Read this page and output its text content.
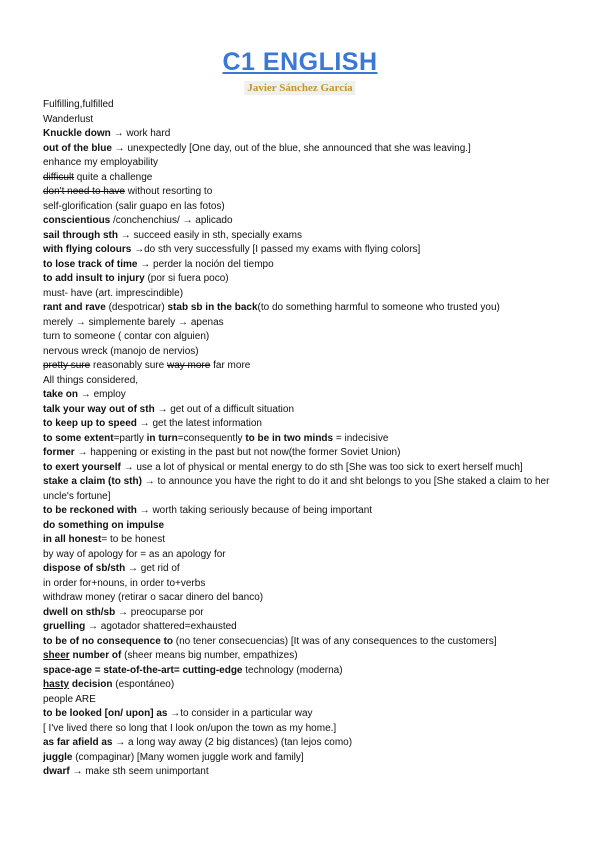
C1 ENGLISH
Javier Sánchez García
Fulfilling,fulfilled
Wanderlust
Knuckle down → work hard
out of the blue → unexpectedly [One day, out of the blue, she announced that she was leaving.]
enhance my employability
difficult quite a challenge
don't need to have without resorting to
self-glorification (salir guapo en las fotos)
conscientious /conchenchius/ → aplicado
sail through sth → succeed easily in sth, specially exams
with flying colours →do sth very successfully [I passed my exams with flying colors]
to lose track of time → perder la noción del tiempo
to add insult to injury (por si fuera poco)
must- have (art. imprescindible)
rant and rave (despotricar) stab sb in the back(to do something harmful to someone who trusted you)
merely → simplemente barely → apenas
turn to someone ( contar con alguien)
nervous wreck (manojo de nervios)
pretty sure reasonably sure way more far more
All things considered,
take on → employ
talk your way out of sth → get out of a difficult situation
to keep up to speed → get the latest information
to some extent=partly in turn=consequently to be in two minds = indecisive
former → happening or existing in the past but not now(the former Soviet Union)
to exert yourself → use a lot of physical or mental energy to do sth [She was too sick to exert herself much]
stake a claim (to sth) → to announce you have the right to do it and sht belongs to you [She staked a claim to her uncle's fortune]
to be reckoned with → worth taking seriously because of being important
do something on impulse
in all honest= to be honest
by way of apology for = as an apology for
dispose of sb/sth → get rid of
in order for+nouns, in order to+verbs
withdraw money (retirar o sacar dinero del banco)
dwell on sth/sb → preocuparse por
gruelling → agotador shattered=exhausted
to be of no consequence to (no tener consecuencias) [It was of any consequences to the customers]
sheer number of (sheer means big number, empathizes)
space-age = state-of-the-art= cutting-edge technology (moderna)
hasty decision (espontáneo)
people ARE
to be looked [on/ upon] as →to consider in a particular way
[ I've lived there so long that I look on/upon the town as my home.]
as far afield as → a long way away (2 big distances) (tan lejos como)
juggle (compaginar) [Many women juggle work and family]
dwarf → make sth seem unimportant
